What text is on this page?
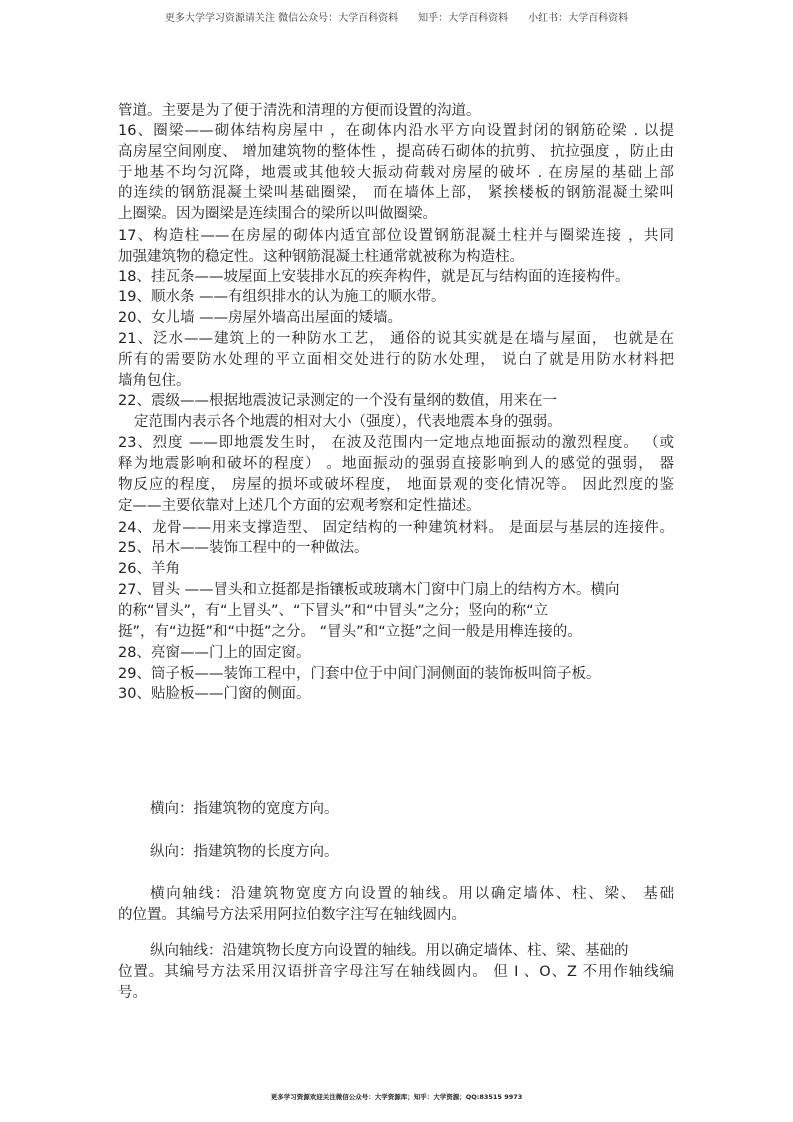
更多大学学习资源请关注 微信公众号：大学百科资料 知乎：大学百科资料 小红书：大学百科资料
管道。主要是为了便于清洗和清理的方便而设置的沟道。
16、圈梁——砌体结构房屋中 ，在砌体内沿水平方向设置封闭的钢筋砼梁 . 以提
高房屋空间刚度、 增加建筑物的整体性 ，提高砖石砌体的抗剪、 抗拉强度 ，防止由
于地基不均匀沉降，地震或其他较大振动荷载对房屋的破坏 . 在房屋的基础上部
的连续的钢筋混凝土梁叫基础圈梁， 而在墙体上部， 紧挨楼板的钢筋混凝土梁叫
上圈梁。因为圈梁是连续围合的梁所以叫做圈梁。
17、构造柱——在房屋的砌体内适宜部位设置钢筋混凝土柱并与圈梁连接 ，共同
加强建筑物的稳定性。这种钢筋混凝土柱通常就被称为构造柱。
18、挂瓦条——坡屋面上安装排水瓦的疾奔构件，就是瓦与结构面的连接构件。
19、顺水条 ——有组织排水的认为施工的顺水带。
20、女儿墙 ——房屋外墙高出屋面的矮墙。
21、泛水——建筑上的一种防水工艺， 通俗的说其实就是在墙与屋面， 也就是在
所有的需要防水处理的平立面相交处进行的防水处理， 说白了就是用防水材料把
墙角包住。
22、震级——根据地震波记录测定的一个没有量纲的数值，用来在一
定范围内表示各个地震的相对大小（强度），代表地震本身的强弱。
23、烈度 ——即地震发生时， 在波及范围内一定地点地面振动的激烈程度。 （或
释为地震影响和破坏的程度） 。地面振动的强弱直接影响到人的感觉的强弱， 器
物反应的程度， 房屋的损坏或破坏程度， 地面景观的变化情况等。 因此烈度的鉴
定——主要依靠对上述几个方面的宏观考察和定性描述。
24、龙骨——用来支撑造型、 固定结构的一种建筑材料。 是面层与基层的连接件。
25、吊木——装饰工程中的一种做法。
26、羊角
27、冒头 ——冒头和立挺都是指镶板或玻璃木门窗中门扇上的结构方木。横向
的称“冒头”，有“上冒头”、“下冒头”和“中冒头”之分；竖向的称“立
挺”，有“边挺”和“中挺”之分。 “冒头”和“立挺”之间一般是用榫连接的。
28、亮窗——门上的固定窗。
29、筒子板——装饰工程中，门套中位于中间门洞侧面的装饰板叫筒子板。
30、贴脸板——门窗的侧面。
横向：指建筑物的宽度方向。
纵向：指建筑物的长度方向。
横向轴线：沿建筑物宽度方向设置的轴线。用以确定墙体、柱、梁、 基础
的位置。其编号方法采用阿拉伯数字注写在轴线圆内。
纵向轴线：沿建筑物长度方向设置的轴线。用以确定墙体、柱、梁、基础的
位置。其编号方法采用汉语拼音字母注写在轴线圆内。 但 I 、O、Z 不用作轴线编
号。
更多学习资源欢迎关注微信公众号：大学资源库；知乎：大学资源；QQ:83515 9973
